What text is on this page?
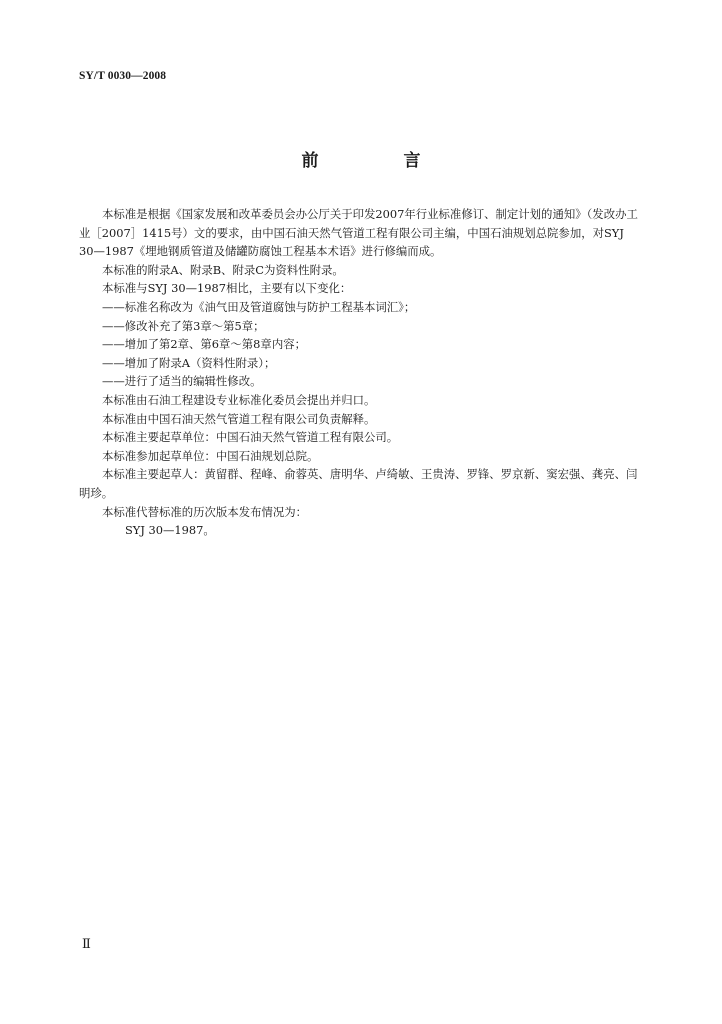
SY/T 0030—2008
前　言

本标准是根据《国家发展和改革委员会办公厅关于印发2007年行业标准修订、制定计划的通知》（发改办工业［2007］1415号）文的要求，由中国石油天然气管道工程有限公司主编，中国石油规划总院参加，对SYJ 30—1987《埋地钢质管道及储罐防腐蚀工程基本术语》进行修编而成。

本标准的附录A、附录B、附录C为资料性附录。

本标准与SYJ 30—1987相比，主要有以下变化：

——标准名称改为《油气田及管道腐蚀与防护工程基本词汇》；

——修改补充了第3章～第5章；

——增加了第2章、第6章～第8章内容；

——增加了附录A（资料性附录）；

——进行了适当的编辑性修改。

本标准由石油工程建设专业标准化委员会提出并归口。

本标准由中国石油天然气管道工程有限公司负责解释。

本标准主要起草单位：中国石油天然气管道工程有限公司。

本标准参加起草单位：中国石油规划总院。

本标准主要起草人：黄留群、程峰、俞蓉英、唐明华、卢绮敏、王贵涛、罗锋、罗京新、窦宏强、龚亮、闫明珍。

本标准代替标准的历次版本发布情况为：

SYJ 30—1987。

Ⅱ
